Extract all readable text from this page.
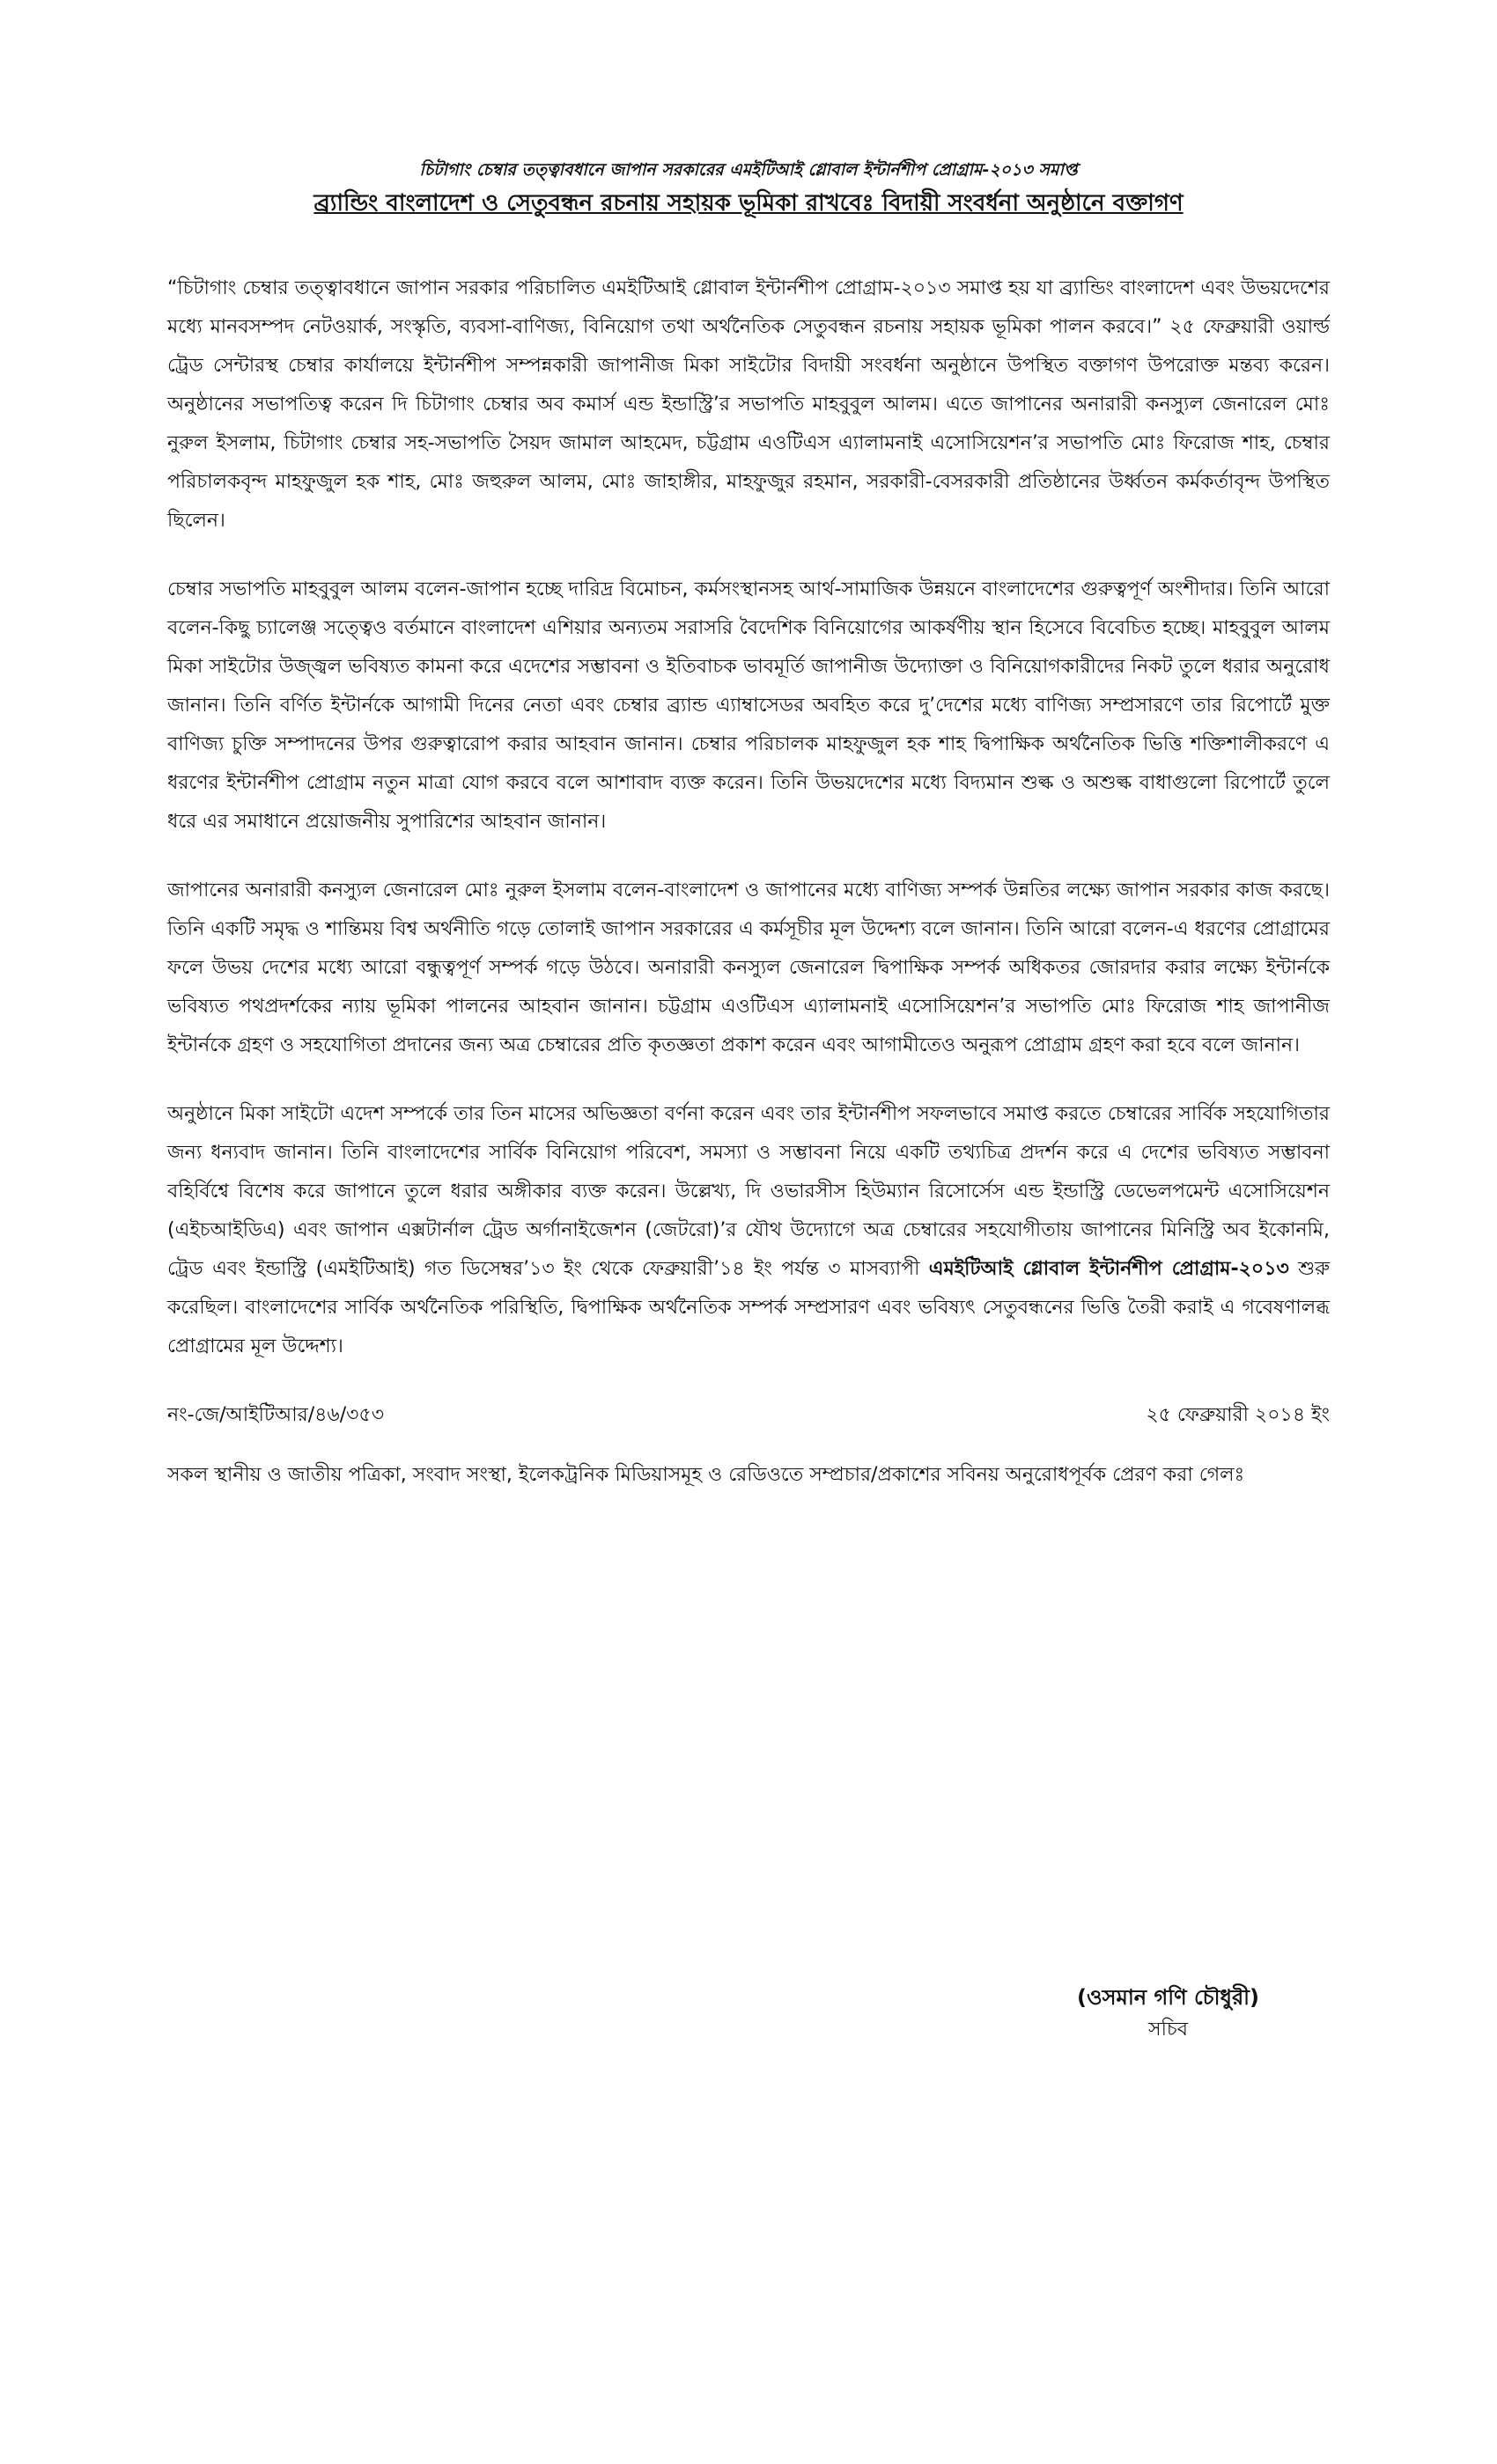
চিটাগাং চেম্বার তত্ত্বাবধানে জাপান সরকারের এমইটিআই গ্লোবাল ইন্টার্নশীপ প্রোগ্রাম-২০১৩ সমাপ্ত

ব্র্যান্ডিং বাংলাদেশ ও সেতুবন্ধন রচনায় সহায়ক ভূমিকা রাখবেঃ বিদায়ী সংবর্ধনা অনুষ্ঠানে বক্তাগণ

“চিটাগাং চেম্বার তত্ত্বাবধানে জাপান সরকার পরিচালিত এমইটিআই গ্লোবাল ইন্টার্নশীপ প্রোগ্রাম-২০১৩ সমাপ্ত হয় যা ব্র্যান্ডিং বাংলাদেশ এবং উভয়দেশের মধ্যে মানবসম্পদ নেটওয়ার্ক, সংস্কৃতি, ব্যবসা-বাণিজ্য, বিনিয়োগ তথা অর্থনৈতিক সেতুবন্ধন রচনায় সহায়ক ভূমিকা পালন করবে।” ২৫ ফেব্রুয়ারী ওয়ার্ল্ড ট্রেড সেন্টারস্থ চেম্বার কার্যালয়ে ইন্টার্নশীপ সম্পন্নকারী জাপানীজ মিকা সাইটোর বিদায়ী সংবর্ধনা অনুষ্ঠানে উপস্থিত বক্তাগণ উপরোক্ত মন্তব্য করেন। অনুষ্ঠানের সভাপতিত্ব করেন দি চিটাগাং চেম্বার অব কমার্স এন্ড ইন্ডাস্ট্রি’র সভাপতি মাহবুবুল আলম। এতে জাপানের অনারারী কনস্যুল জেনারেল মোঃ নুরুল ইসলাম, চিটাগাং চেম্বার সহ-সভাপতি সৈয়দ জামাল আহমেদ, চট্টগ্রাম এওটিএস এ্যালামনাই এসোসিয়েশন’র সভাপতি মোঃ ফিরোজ শাহ, চেম্বার পরিচালকবৃন্দ মাহফুজুল হক শাহ, মোঃ জহুরুল আলম, মোঃ জাহাঙ্গীর, মাহফুজুর রহমান, সরকারী-বেসরকারী প্রতিষ্ঠানের উর্ধ্বতন কর্মকর্তাবৃন্দ উপস্থিত ছিলেন।

চেম্বার সভাপতি মাহবুবুল আলম বলেন-জাপান হচ্ছে দারিদ্র বিমোচন, কর্মসংস্থানসহ আর্থ-সামাজিক উন্নয়নে বাংলাদেশের গুরুত্বপূর্ণ অংশীদার। তিনি আরো বলেন-কিছু চ্যালেঞ্জ সত্ত্বেও বর্তমানে বাংলাদেশ এশিয়ার অন্যতম সরাসরি বৈদেশিক বিনিয়োগের আকর্ষণীয় স্থান হিসেবে বিবেচিত হচ্ছে। মাহবুবুল আলম মিকা সাইটোর উজ্জ্বল ভবিষ্যত কামনা করে এদেশের সম্ভাবনা ও ইতিবাচক ভাবমূর্তি জাপানীজ উদ্যোক্তা ও বিনিয়োগকারীদের নিকট তুলে ধরার অনুরোধ জানান। তিনি বর্ণিত ইন্টার্নকে আগামী দিনের নেতা এবং চেম্বার ব্র্যান্ড এ্যাম্বাসেডর অবহিত করে দু’দেশের মধ্যে বাণিজ্য সম্প্রসারণে তার রিপোর্টে মুক্ত বাণিজ্য চুক্তি সম্পাদনের উপর গুরুত্বারোপ করার আহবান জানান। চেম্বার পরিচালক মাহফুজুল হক শাহ দ্বিপাক্ষিক অর্থনৈতিক ভিত্তি শক্তিশালীকরণে এ ধরণের ইন্টার্নশীপ প্রোগ্রাম নতুন মাত্রা যোগ করবে বলে আশাবাদ ব্যক্ত করেন। তিনি উভয়দেশের মধ্যে বিদ্যমান শুল্ক ও অশুল্ক বাধাগুলো রিপোর্টে তুলে ধরে এর সমাধানে প্রয়োজনীয় সুপারিশের আহবান জানান।

জাপানের অনারারী কনস্যুল জেনারেল মোঃ নুরুল ইসলাম বলেন-বাংলাদেশ ও জাপানের মধ্যে বাণিজ্য সম্পর্ক উন্নতির লক্ষ্যে জাপান সরকার কাজ করছে। তিনি একটি সমৃদ্ধ ও শান্তিময় বিশ্ব অর্থনীতি গড়ে তোলাই জাপান সরকারের এ কর্মসূচীর মূল উদ্দেশ্য বলে জানান। তিনি আরো বলেন-এ ধরণের প্রোগ্রামের ফলে উভয় দেশের মধ্যে আরো বন্ধুত্বপূর্ণ সম্পর্ক গড়ে উঠবে। অনারারী কনস্যুল জেনারেল দ্বিপাক্ষিক সম্পর্ক অধিকতর জোরদার করার লক্ষ্যে ইন্টার্নকে ভবিষ্যত পথপ্রদর্শকের ন্যায় ভূমিকা পালনের আহবান জানান। চট্টগ্রাম এওটিএস এ্যালামনাই এসোসিয়েশন’র সভাপতি মোঃ ফিরোজ শাহ জাপানীজ ইন্টার্নকে গ্রহণ ও সহযোগিতা প্রদানের জন্য অত্র চেম্বারের প্রতি কৃতজ্ঞতা প্রকাশ করেন এবং আগামীতেও অনুরূপ প্রোগ্রাম গ্রহণ করা হবে বলে জানান।

অনুষ্ঠানে মিকা সাইটো এদেশ সম্পর্কে তার তিন মাসের অভিজ্ঞতা বর্ণনা করেন এবং তার ইন্টার্নশীপ সফলভাবে সমাপ্ত করতে চেম্বারের সার্বিক সহযোগিতার জন্য ধন্যবাদ জানান। তিনি বাংলাদেশের সার্বিক বিনিয়োগ পরিবেশ, সমস্যা ও সম্ভাবনা নিয়ে একটি তথ্যচিত্র প্রদর্শন করে এ দেশের ভবিষ্যত সম্ভাবনা বহির্বিশ্বে বিশেষ করে জাপানে তুলে ধরার অঙ্গীকার ব্যক্ত করেন। উল্লেখ্য, দি ওভারসীস হিউম্যান রিসোর্সেস এন্ড ইন্ডাস্ট্রি ডেভেলপমেন্ট এসোসিয়েশন (এইচআইডিএ) এবং জাপান এক্সটার্নাল ট্রেড অর্গানাইজেশন (জেটরো)’র যৌথ উদ্যোগে অত্র চেম্বারের সহযোগীতায় জাপানের মিনিস্ট্রি অব ইকোনমি, ট্রেড এবং ইন্ডাস্ট্রি (এমইটিআই) গত ডিসেম্বর’১৩ ইং থেকে ফেব্রুয়ারী’১৪ ইং পর্যন্ত ৩ মাসব্যাপী এমইটিআই গ্লোবাল ইন্টার্নশীপ প্রোগ্রাম-২০১৩ শুরু করেছিল। বাংলাদেশের সার্বিক অর্থনৈতিক পরিস্থিতি, দ্বিপাক্ষিক অর্থনৈতিক সম্পর্ক সম্প্রসারণ এবং ভবিষ্যৎ সেতুবন্ধনের ভিত্তি তৈরী করাই এ গবেষণালব্ধ প্রোগ্রামের মূল উদ্দেশ্য।

নং-জে/আইটিআর/৪৬/৩৫৩	২৫ ফেব্রুয়ারী ২০১৪ ইং

সকল স্থানীয় ও জাতীয় পত্রিকা, সংবাদ সংস্থা, ইলেকট্রনিক মিডিয়াসমূহ ও রেডিওতে সম্প্রচার/প্রকাশের সবিনয় অনুরোধপূর্বক প্রেরণ করা গেলঃ

(ওসমান গণি চৌধুরী)
সচিব
